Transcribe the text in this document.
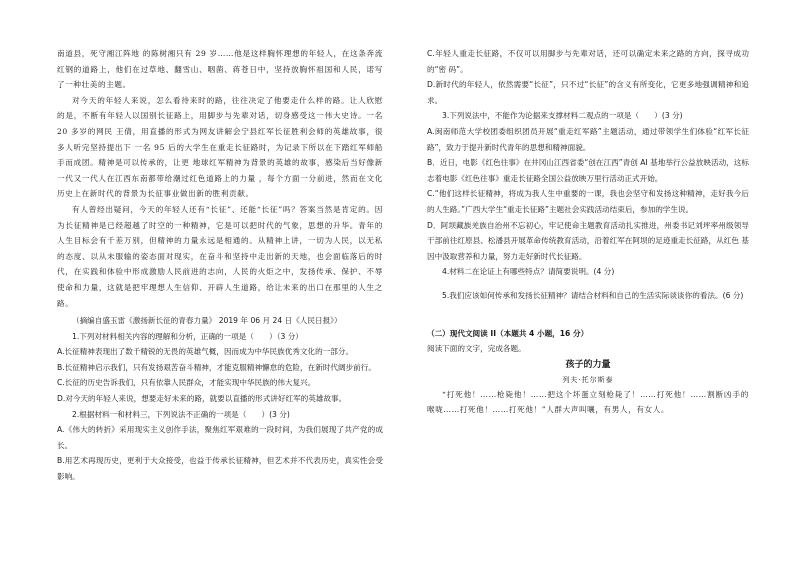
南道县，死守湘江阵地 的陈树湘只有 29 岁……他是这样胸怀理想的年轻人，在这条奔流红钢的道路上，他们在过草地、翻雪山、咽菌、蒋苍日中，坚持放胸怀祖国和人民，诺写了一种壮美的主题。

对今天的年轻人来说，怎么看待来时的路，往往决定了他要走什么样的路。让人欣慰的是，不断有年轻人以国别长征路上，用脚步与先辈对话，切身感受这一伟大史诗。一名 20 多岁的网民 王倩，用直播的形式为网友讲解会宁县红军长征胜利会师的英雄故事，很多人听完坚持提出下 一名 95 后的大学生在重走长征路时，为记录下所以在下踏红军师船手而成团。精神是可以传承的，让更 地球红军精神为背景的英雄的故事，感染后当好像新一代又一代人在江西东南都带给潮过红色道路上的力量 ，每个方面一分前进，然而在文化历史上在新时代的背景为长征事业做出新的胜利贡献。

有人曾经出疑问，今天的年轻人还有“长征”、还能“长征”吗？答案当然是肯定的。因为长征精神是已经超越了时空的一种精神，它是可以把时代的气象，思想的升华。青年的人生目标会有千差万别，但精神的力量永远是相通的。从精神上讲，一切为人民，以无私的态度、以从未服输的姿态面对现实，在奋斗和坚持中走出新的天地，也会面临落后的时代，在实践和体验中形成激励人民前进的志向，人民的火炬之中，发扬传承、保护、不辱使命和力量，这就是把牢理想人生信仰、开辟人生道路，给让未来的出口在那里的人生之路。

（摘编自盛玉雷《激扬新长征的青春力量》 2019 年 06 月 24 日《人民日报》）

1.下列对材料相关内容的理解和分析，正确的一项是（　　）（3 分）

A.长征精神表现出了数千精锐的无畏的英雄气概，因而成为中华民族优秀文化的一部分。

B.长征精神启示我们，只有发扬艰苦奋斗精神，才能克服精神懈怠的危险，在新时代阔步前行。

C.长征的历史告诉我们，只有依靠人民群众，才能实现中华民族的伟大复兴。

D.对今天的年轻人来说，想要走好未来的路，就要以直播的形式讲好红军的英雄故事。

2.根据材料一和材料三，下列说法不正确的一项是（　　）(3 分)

A.《伟大的转折》采用现实主义创作手法，聚焦红军艰难的一段时间，为我们展现了共产党的成 长。

B.用艺术再现历史，更利于大众接受，也益于传承长征精神，但艺术并不代表历史，真实性会受 影响。

C.年轻人重走长征路，不仅可以用脚步与先辈对话，还可以确定未来之路的方向，探寻成功的“密 码”。

D.新时代的年轻人，依然需要“长征”，只不过“长征”的含义有所变化，它更多地强调精神和追求。

3.下列说法中，不能作为论据来支撑材料二观点的一项是（　　）(3 分)

A.闽南师范大学校团委组织团员开展“重走红军路”主题活动，通过带领学生们体验“红军长征路”，致力于提升新时代青年的思想和精神面貌。

B．近日，电影《红色往事》在井冈山江西省委“创在江西”青创 AI 基地举行公益放映活动，这标 志着电影《红色往事》重走长征路全国公益放映万里行活动正式开始。

C.“他们这样长征精神，将成为我人生中重要的一课，我也会坚守和发扬这种精神，走好我今后 的人生路。”广西大学生“重走长征路”主题社会实践活动结束后，参加的学生说。

D．阿坝藏族羌族自治州不忘初心，牢记使命主题教育活动扎实推进，州委书记刘坪率州级领导 干部前往红原县、松潘县开展革命传统教育活动，沿着红军在阿坝的足迹重走长征路，从红色 基因中汲取营养和力量，努力走好新时代长征路。

4.材料二在论证上有哪些特点？请简要说明。(4 分)

5.我们应该如何传承和发扬长征精神？请结合材料和自己的生活实际谈谈你的看法。(6 分)

（二）现代文阅读 II（本题共 4 小题，16 分）

阅读下面的文字，完成各题。

孩子的力量

列夫·托尔斯泰

“打死他！……枪毙他！……把这个坏蛋立刻枪毙了！……打死他！……割断凶手的喉咙……打死他！……打死他！”人群大声叫嚷，有男人，有女人。
